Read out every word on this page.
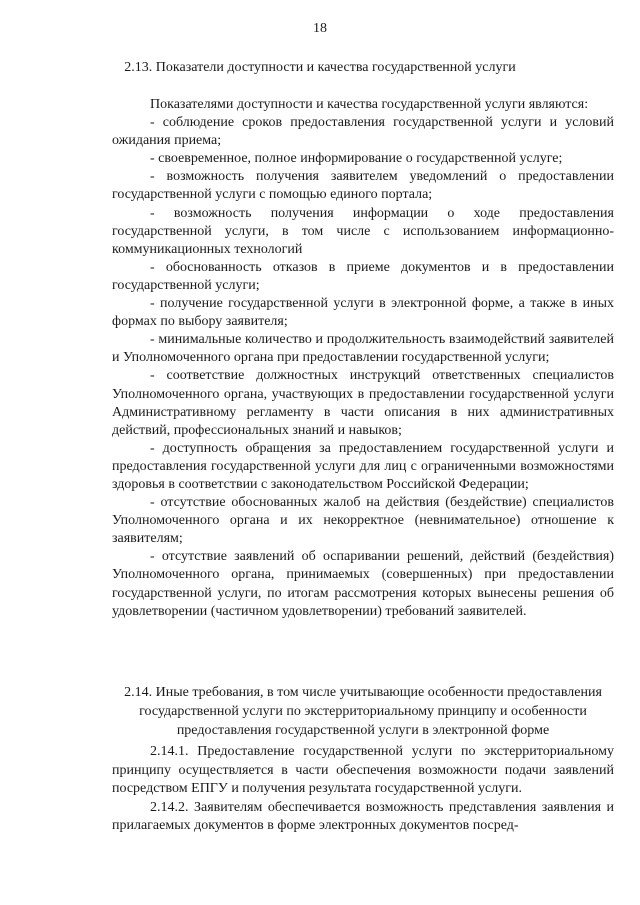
18
2.13. Показатели доступности и качества государственной услуги

Показателями доступности и качества государственной услуги являются:

- соблюдение сроков предоставления государственной услуги и условий ожидания приема;

- своевременное, полное информирование о государственной услуге;

- возможность получения заявителем уведомлений о предоставлении государственной услуги с помощью единого портала;

- возможность получения информации о ходе предоставления государственной услуги, в том числе с использованием информационно-коммуникационных технологий

- обоснованность отказов в приеме документов и в предоставлении государственной услуги;

- получение государственной услуги в электронной форме, а также в иных формах по выбору заявителя;

- минимальные количество и продолжительность взаимодействий заявителей и Уполномоченного органа при предоставлении государственной услуги;

- соответствие должностных инструкций ответственных специалистов Уполномоченного органа, участвующих в предоставлении государственной услуги Административному регламенту в части описания в них административных действий, профессиональных знаний и навыков;

- доступность обращения за предоставлением государственной услуги и предоставления государственной услуги для лиц с ограниченными возможностями здоровья в соответствии с законодательством Российской Федерации;

- отсутствие обоснованных жалоб на действия (бездействие) специалистов Уполномоченного органа и их некорректное (невнимательное) отношение к заявителям;

- отсутствие заявлений об оспаривании решений, действий (бездействия) Уполномоченного органа, принимаемых (совершенных) при предоставлении государственной услуги, по итогам рассмотрения которых вынесены решения об удовлетворении (частичном удовлетворении) требований заявителей.

2.14. Иные требования, в том числе учитывающие особенности предоставления государственной услуги по экстерриториальному принципу и особенности предоставления государственной услуги в электронной форме

2.14.1. Предоставление государственной услуги по экстерриториальному принципу осуществляется в части обеспечения возможности подачи заявлений посредством ЕПГУ и получения результата государственной услуги.

2.14.2. Заявителям обеспечивается возможность представления заявления и прилагаемых документов в форме электронных документов посред-
